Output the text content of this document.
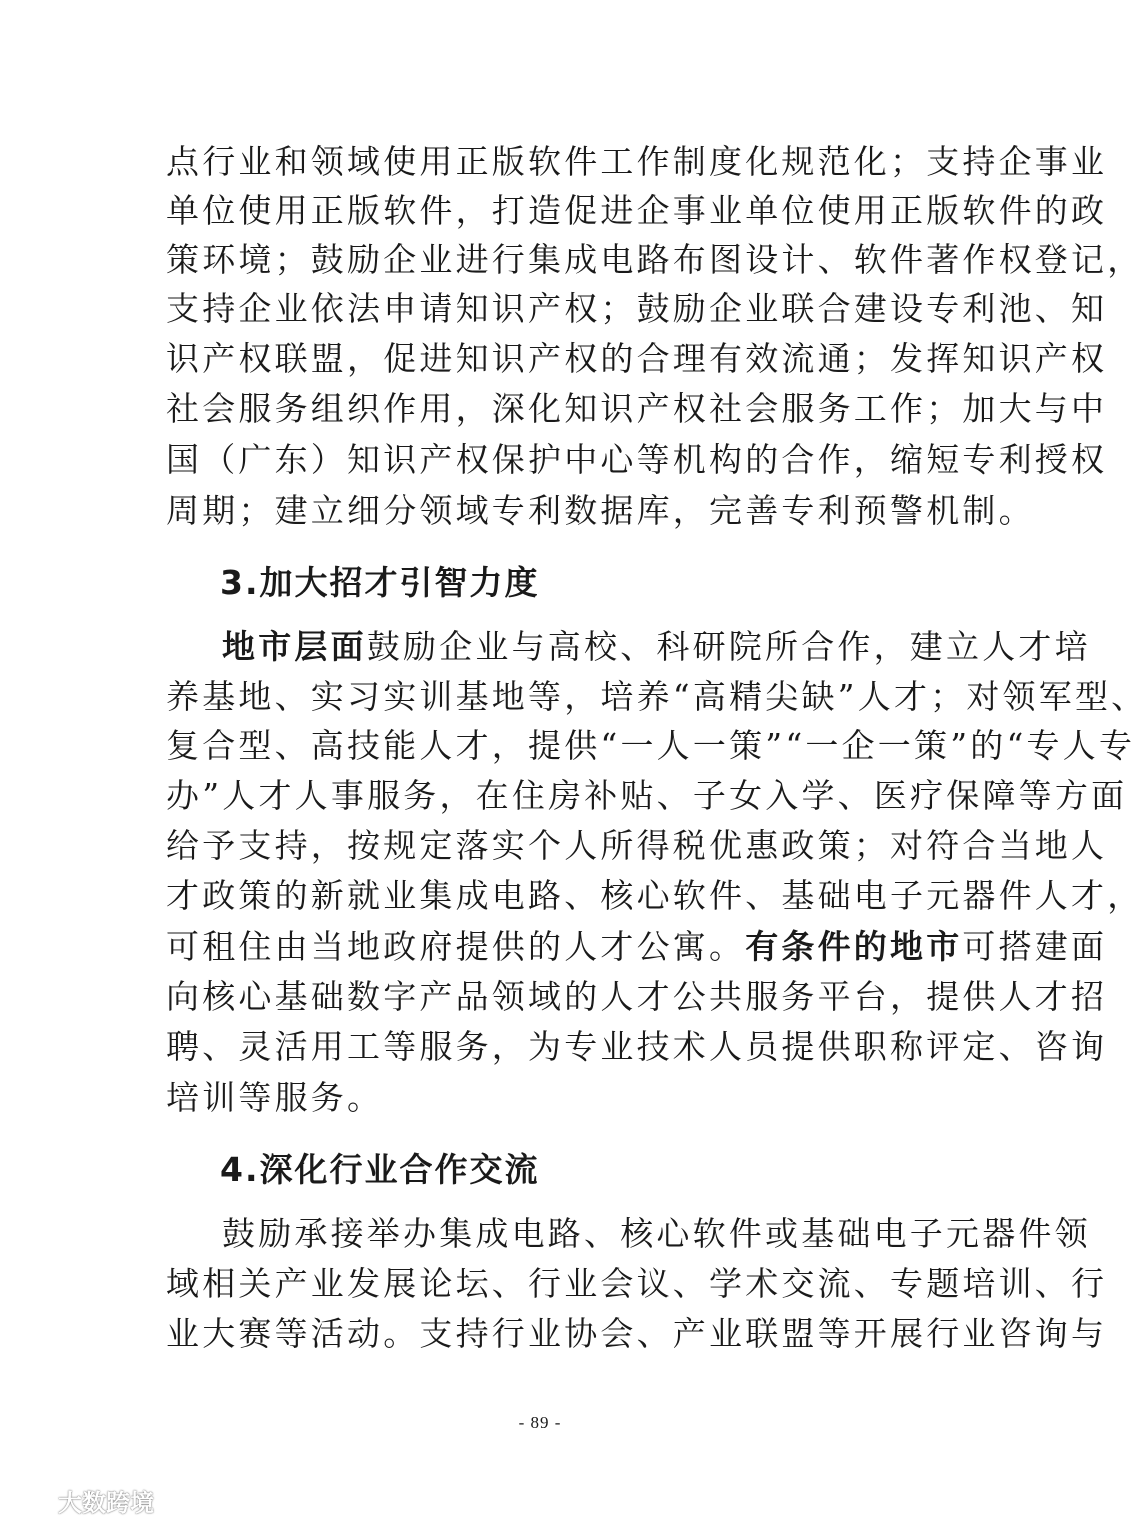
点行业和领域使用正版软件工作制度化规范化；支持企事业
单位使用正版软件，打造促进企事业单位使用正版软件的政
策环境；鼓励企业进行集成电路布图设计、软件著作权登记，
支持企业依法申请知识产权；鼓励企业联合建设专利池、知
识产权联盟，促进知识产权的合理有效流通；发挥知识产权
社会服务组织作用，深化知识产权社会服务工作；加大与中
国（广东）知识产权保护中心等机构的合作，缩短专利授权
周期；建立细分领域专利数据库，完善专利预警机制。
3.加大招才引智力度
地市层面鼓励企业与高校、科研院所合作，建立人才培
养基地、实习实训基地等，培养“高精尖缺”人才；对领军型、
复合型、高技能人才，提供“一人一策”“一企一策”的“专人专
办”人才人事服务，在住房补贴、子女入学、医疗保障等方面
给予支持，按规定落实个人所得税优惠政策；对符合当地人
才政策的新就业集成电路、核心软件、基础电子元器件人才，
可租住由当地政府提供的人才公寓。有条件的地市可搭建面
向核心基础数字产品领域的人才公共服务平台，提供人才招
聘、灵活用工等服务，为专业技术人员提供职称评定、咨询
培训等服务。
4.深化行业合作交流
鼓励承接举办集成电路、核心软件或基础电子元器件领
域相关产业发展论坛、行业会议、学术交流、专题培训、行
业大赛等活动。支持行业协会、产业联盟等开展行业咨询与
- 89 -
大数跨境
